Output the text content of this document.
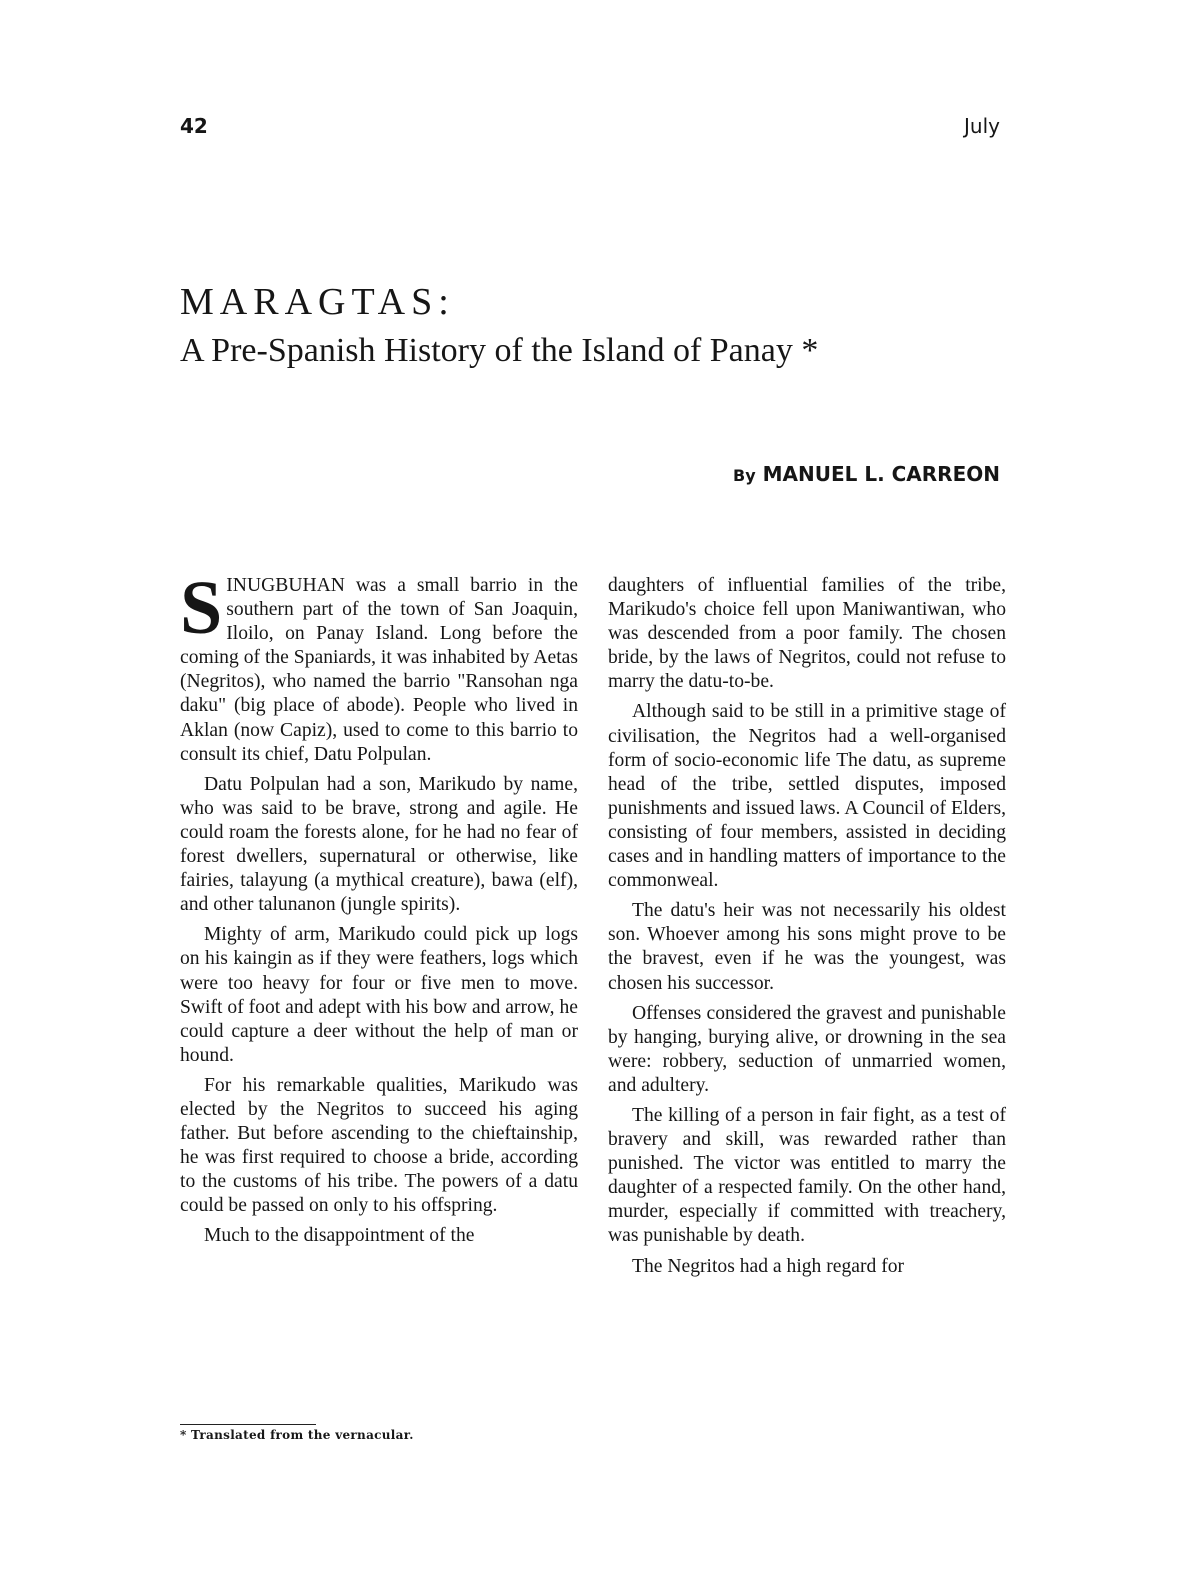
42	July
MARAGTAS:
A Pre-Spanish History of the Island of Panay *
By MANUEL L. CARREON

SINUGBUHAN was a small barrio in the southern part of the town of San Joaquin, Iloilo, on Panay Island. Long before the coming of the Spaniards, it was inhabited by Aetas (Negritos), who named the barrio "Ransohan nga daku" (big place of abode). People who lived in Aklan (now Capiz), used to come to this barrio to consult its chief, Datu Polpulan.

Datu Polpulan had a son, Marikudo by name, who was said to be brave, strong and agile. He could roam the forests alone, for he had no fear of forest dwellers, supernatural or otherwise, like fairies, talayung (a mythical creature), bawa (elf), and other talunanon (jungle spirits).

Mighty of arm, Marikudo could pick up logs on his kaingin as if they were feathers, logs which were too heavy for four or five men to move. Swift of foot and adept with his bow and arrow, he could capture a deer without the help of man or hound.

For his remarkable qualities, Marikudo was elected by the Negritos to succeed his aging father. But before ascending to the chieftainship, he was first required to choose a bride, according to the customs of his tribe. The powers of a datu could be passed on only to his offspring.

Much to the disappointment of the

daughters of influential families of the tribe, Marikudo's choice fell upon Maniwantiwan, who was descended from a poor family. The chosen bride, by the laws of Negritos, could not refuse to marry the datu-to-be.

Although said to be still in a primitive stage of civilisation, the Negritos had a well-organised form of socio-economic life The datu, as supreme head of the tribe, settled disputes, imposed punishments and issued laws. A Council of Elders, consisting of four members, assisted in deciding cases and in handling matters of importance to the commonweal.

The datu's heir was not necessarily his oldest son. Whoever among his sons might prove to be the bravest, even if he was the youngest, was chosen his successor.

Offenses considered the gravest and punishable by hanging, burying alive, or drowning in the sea were: robbery, seduction of unmarried women, and adultery.

The killing of a person in fair fight, as a test of bravery and skill, was rewarded rather than punished. The victor was entitled to marry the daughter of a respected family. On the other hand, murder, especially if committed with treachery, was punishable by death.

The Negritos had a high regard for

* Translated from the vernacular.
